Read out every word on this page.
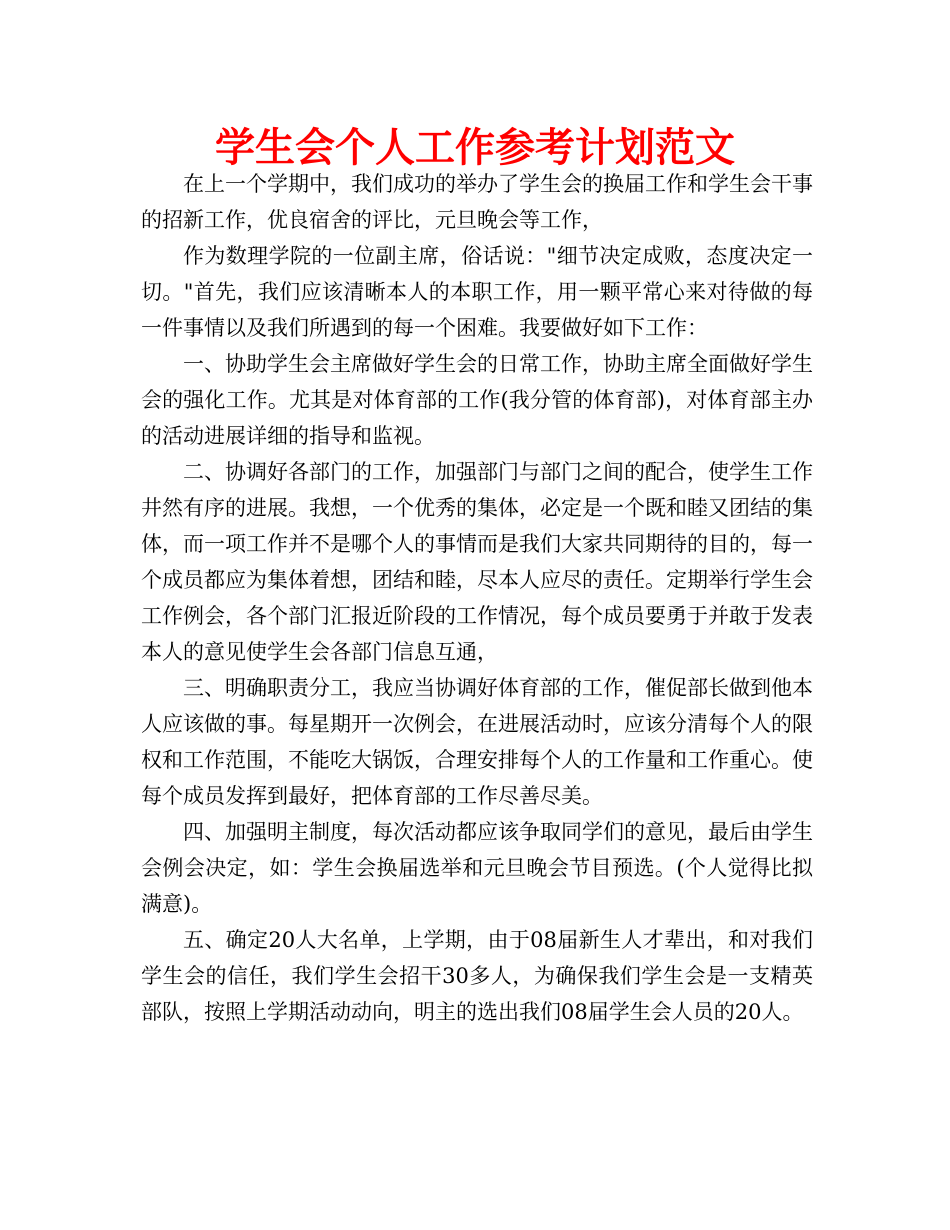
学生会个人工作参考计划范文

在上一个学期中，我们成功的举办了学生会的换届工作和学生会干事的招新工作，优良宿舍的评比，元旦晚会等工作，

作为数理学院的一位副主席，俗话说："细节决定成败，态度决定一切。"首先，我们应该清晰本人的本职工作，用一颗平常心来对待做的每一件事情以及我们所遇到的每一个困难。我要做好如下工作：

一、协助学生会主席做好学生会的日常工作，协助主席全面做好学生会的强化工作。尤其是对体育部的工作(我分管的体育部)，对体育部主办的活动进展详细的指导和监视。

二、协调好各部门的工作，加强部门与部门之间的配合，使学生工作井然有序的进展。我想，一个优秀的集体，必定是一个既和睦又团结的集体，而一项工作并不是哪个人的事情而是我们大家共同期待的目的，每一个成员都应为集体着想，团结和睦，尽本人应尽的责任。定期举行学生会工作例会，各个部门汇报近阶段的工作情况，每个成员要勇于并敢于发表本人的意见使学生会各部门信息互通，

三、明确职责分工，我应当协调好体育部的工作，催促部长做到他本人应该做的事。每星期开一次例会，在进展活动时，应该分清每个人的限权和工作范围，不能吃大锅饭，合理安排每个人的工作量和工作重心。使每个成员发挥到最好，把体育部的工作尽善尽美。

四、加强明主制度，每次活动都应该争取同学们的意见，最后由学生会例会决定，如：学生会换届选举和元旦晚会节目预选。(个人觉得比拟满意)。

五、确定20人大名单，上学期，由于08届新生人才辈出，和对我们学生会的信任，我们学生会招干30多人，为确保我们学生会是一支精英部队，按照上学期活动动向，明主的选出我们08届学生会人员的20人。
